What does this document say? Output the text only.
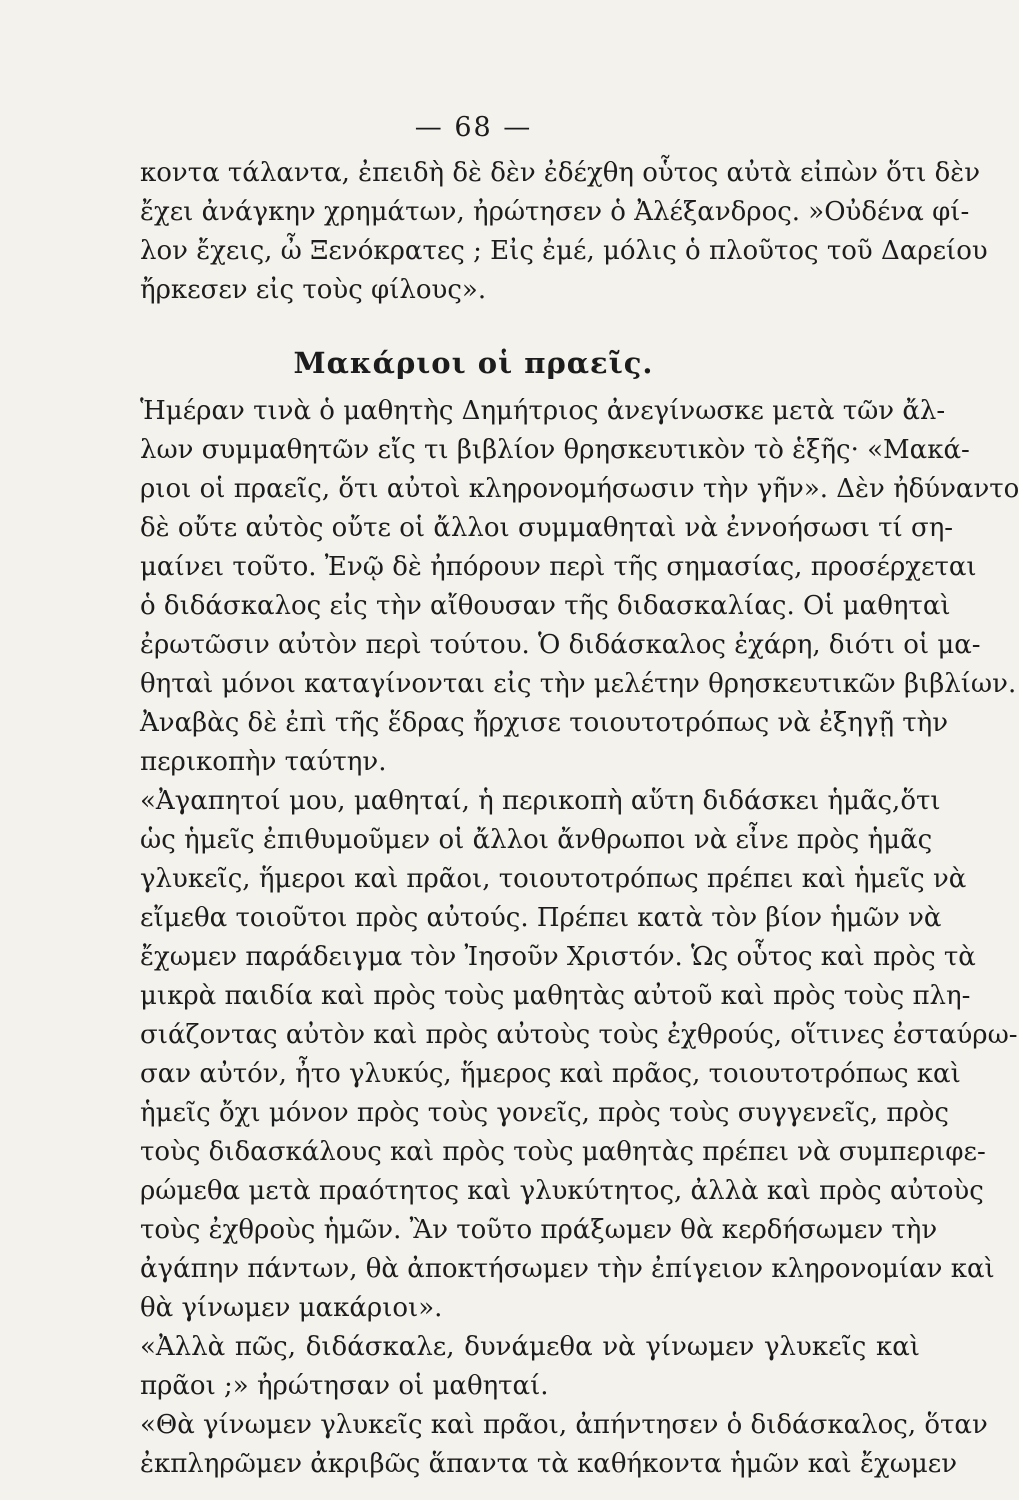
— 68 —
κοντα τάλαντα, ἐπειδὴ δὲ δὲν ἐδέχθη οὗτος αὐτὰ εἰπὼν ὅτι δὲν
ἔχει ἀνάγκην χρημάτων, ἠρώτησεν ὁ Ἀλέξανδρος. »Οὐδένα φί-
λον ἔχεις, ὦ Ξενόκρατες ; Εἰς ἐμέ, μόλις ὁ πλοῦτος τοῦ Δαρείου
ἤρκεσεν εἰς τοὺς φίλους».
Μακάριοι οἱ πραεῖς.
Ἡμέραν τινὰ ὁ μαθητὴς Δημήτριος ἀνεγίνωσκε μετὰ τῶν ἄλ-
λων συμμαθητῶν εἴς τι βιβλίον θρησκευτικὸν τὸ ἑξῆς· «Μακά-
ριοι οἱ πραεῖς, ὅτι αὐτοὶ κληρονομήσωσιν τὴν γῆν». Δὲν ἠδύναντο
δὲ οὔτε αὐτὸς οὔτε οἱ ἄλλοι συμμαθηταὶ νὰ ἐννοήσωσι τί ση-
μαίνει τοῦτο. Ἐνῷ δὲ ἠπόρουν περὶ τῆς σημασίας, προσέρχεται
ὁ διδάσκαλος εἰς τὴν αἴθουσαν τῆς διδασκαλίας. Οἱ μαθηταὶ
ἐρωτῶσιν αὐτὸν περὶ τούτου. Ὁ διδάσκαλος ἐχάρη, διότι οἱ μα-
θηταὶ μόνοι καταγίνονται εἰς τὴν μελέτην θρησκευτικῶν βιβλίων.
Ἀναβὰς δὲ ἐπὶ τῆς ἕδρας ἤρχισε τοιουτοτρόπως νὰ ἐξηγῇ τὴν
περικοπὴν ταύτην.
«Ἀγαπητοί μου, μαθηταί, ἡ περικοπὴ αὕτη διδάσκει ἡμᾶς,ὅτι
ὡς ἡμεῖς ἐπιθυμοῦμεν οἱ ἄλλοι ἄνθρωποι νὰ εἶνε πρὸς ἡμᾶς
γλυκεῖς, ἥμεροι καὶ πρᾶοι, τοιουτοτρόπως πρέπει καὶ ἡμεῖς νὰ
εἴμεθα τοιοῦτοι πρὸς αὐτούς. Πρέπει κατὰ τὸν βίον ἡμῶν νὰ
ἔχωμεν παράδειγμα τὸν Ἰησοῦν Χριστόν. Ὡς οὗτος καὶ πρὸς τὰ
μικρὰ παιδία καὶ πρὸς τοὺς μαθητὰς αὐτοῦ καὶ πρὸς τοὺς πλη-
σιάζοντας αὐτὸν καὶ πρὸς αὐτοὺς τοὺς ἐχθρούς, οἵτινες ἐσταύρω-
σαν αὐτόν, ἦτο γλυκύς, ἥμερος καὶ πρᾶος, τοιουτοτρόπως καὶ
ἡμεῖς ὄχι μόνον πρὸς τοὺς γονεῖς, πρὸς τοὺς συγγενεῖς, πρὸς
τοὺς διδασκάλους καὶ πρὸς τοὺς μαθητὰς πρέπει νὰ συμπεριφε-
ρώμεθα μετὰ πραότητος καὶ γλυκύτητος, ἀλλὰ καὶ πρὸς αὐτοὺς
τοὺς ἐχθροὺς ἡμῶν. Ἂν τοῦτο πράξωμεν θὰ κερδήσωμεν τὴν
ἀγάπην πάντων, θὰ ἀποκτήσωμεν τὴν ἐπίγειον κληρονομίαν καὶ
θὰ γίνωμεν μακάριοι».
«Ἀλλὰ πῶς, διδάσκαλε, δυνάμεθα νὰ γίνωμεν γλυκεῖς καὶ
πρᾶοι ;» ἠρώτησαν οἱ μαθηταί.
«Θὰ γίνωμεν γλυκεῖς καὶ πρᾶοι, ἀπήντησεν ὁ διδάσκαλος, ὅταν
ἐκπληρῶμεν ἀκριβῶς ἅπαντα τὰ καθήκοντα ἡμῶν καὶ ἔχωμεν
